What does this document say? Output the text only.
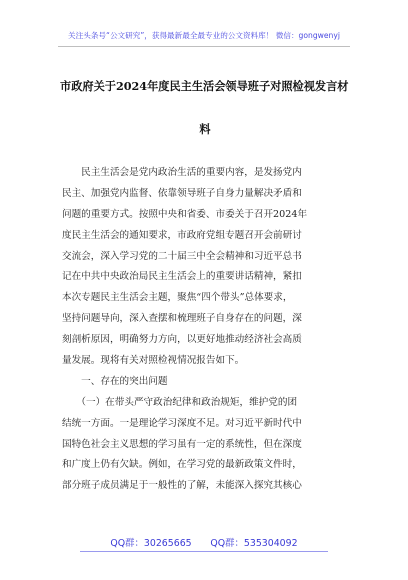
关注头条号“公文研究”，获得最新最全最专业的公文资料库！ 微信：gongwenyj
市政府关于2024年度民主生活会领导班子对照检视发言材
料
　　民主生活会是党内政治生活的重要内容，是发扬党内
民主、加强党内监督、依靠领导班子自身力量解决矛盾和
问题的重要方式。按照中央和省委、市委关于召开2024年
度民主生活会的通知要求，市政府党组专题召开会前研讨
交流会，深入学习党的二十届三中全会精神和习近平总书
记在中共中央政治局民主生活会上的重要讲话精神，紧扣
本次专题民主生活会主题，聚焦“四个带头”总体要求，
坚持问题导向，深入查摆和梳理班子自身存在的问题，深
刻剖析原因，明确努力方向，以更好地推动经济社会高质
量发展。现将有关对照检视情况报告如下。
　　一、存在的突出问题
　　（一）在带头严守政治纪律和政治规矩，维护党的团
结统一方面。一是理论学习深度不足。对习近平新时代中
国特色社会主义思想的学习虽有一定的系统性，但在深度
和广度上仍有欠缺。例如，在学习党的最新政策文件时，
部分班子成员满足于一般性的了解，未能深入探究其核心
QQ群：30265665　　QQ群：535304092
